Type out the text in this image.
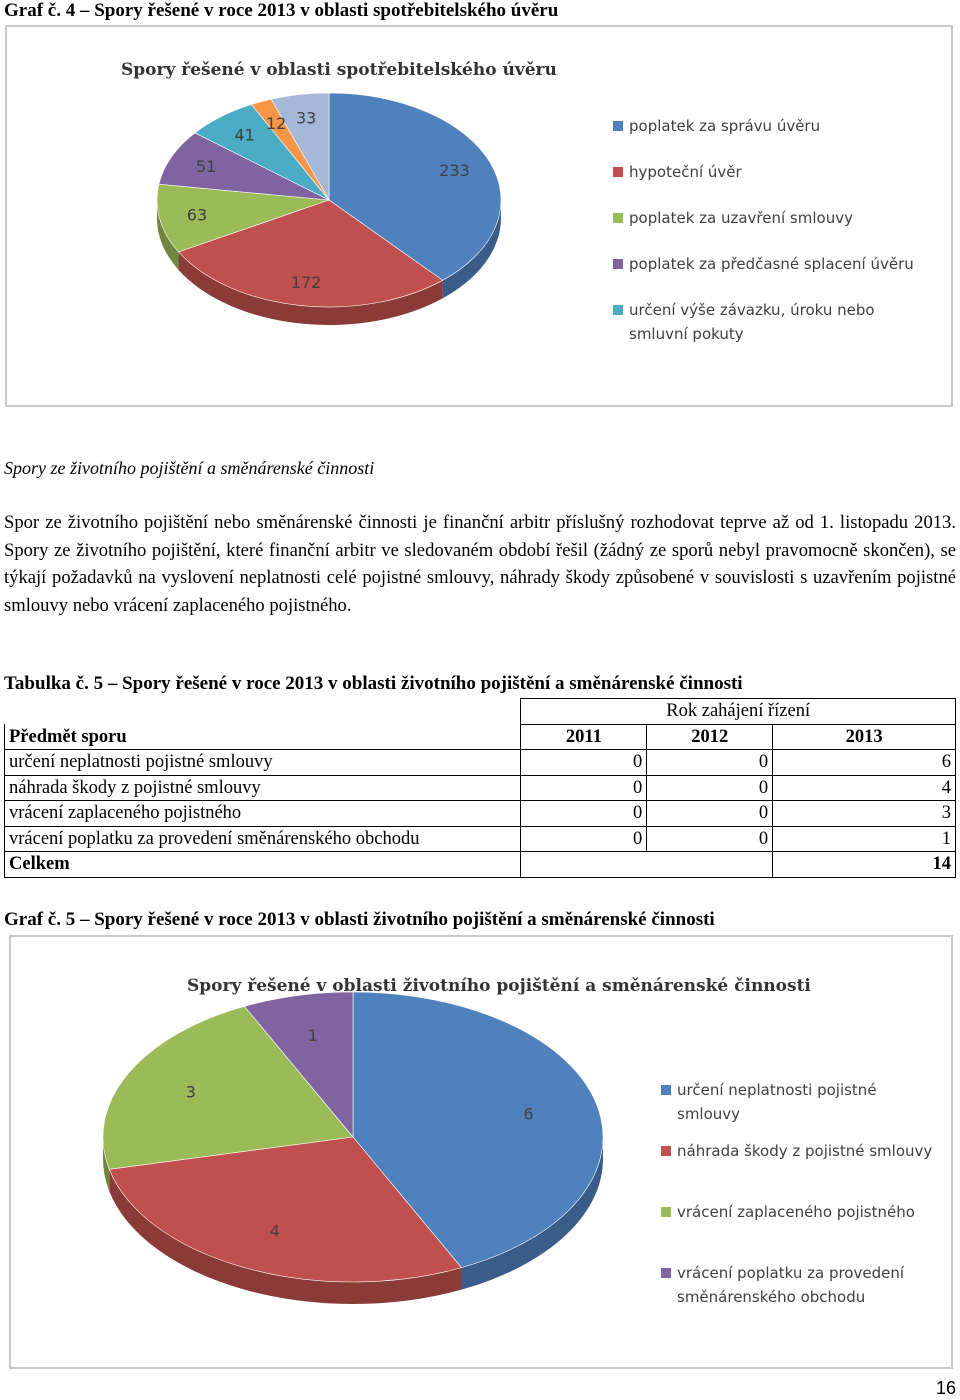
Graf č. 4 – Spory řešené v roce 2013 v oblasti spotřebitelského úvěru
Spory řešené v oblasti spotřebitelského úvěru
233
172
63
51
41
12 33	poplatek za správu úvěru
hypoteční úvěr
poplatek za uzavření smlouvy
poplatek za předčasné splacení úvěru
určení výše závazku, úroku nebo
smluvní pokuty
Spory ze životního pojištění a směnárenské činnosti
Spor ze životního pojištění nebo směnárenské činnosti je finanční arbitr příslušný rozhodovat teprve až od 1. listopadu 2013. Spory ze životního pojištění, které finanční arbitr ve sledovaném období řešil (žádný ze sporů nebyl pravomocně skončen), se týkají požadavků na vyslovení neplatnosti celé pojistné smlouvy, náhrady škody způsobené v souvislosti s uzavřením pojistné smlouvy nebo vrácení zaplaceného pojistného.
Tabulka č. 5 – Spory řešené v roce 2013 v oblasti životního pojištění a směnárenské činnosti
	Rok zahájení řízení		
Předmět sporu	2011	2012	2013
určení neplatnosti pojistné smlouvy	0	0	6
náhrada škody z pojistné smlouvy	0	0	4
vrácení zaplaceného pojistného	0	0	3
vrácení poplatku za provedení směnárenského obchodu	0	0	1
Celkem			14
Graf č. 5 – Spory řešené v roce 2013 v oblasti životního pojištění a směnárenské činnosti
Spory řešené v oblasti životního pojištění a směnárenské činnosti
6
4
3
1
určení neplatnosti pojistné
smlouvy
náhrada škody z pojistné smlouvy
vrácení zaplaceného pojistného
vrácení poplatku za provedení
směnárenského obchodu
16
